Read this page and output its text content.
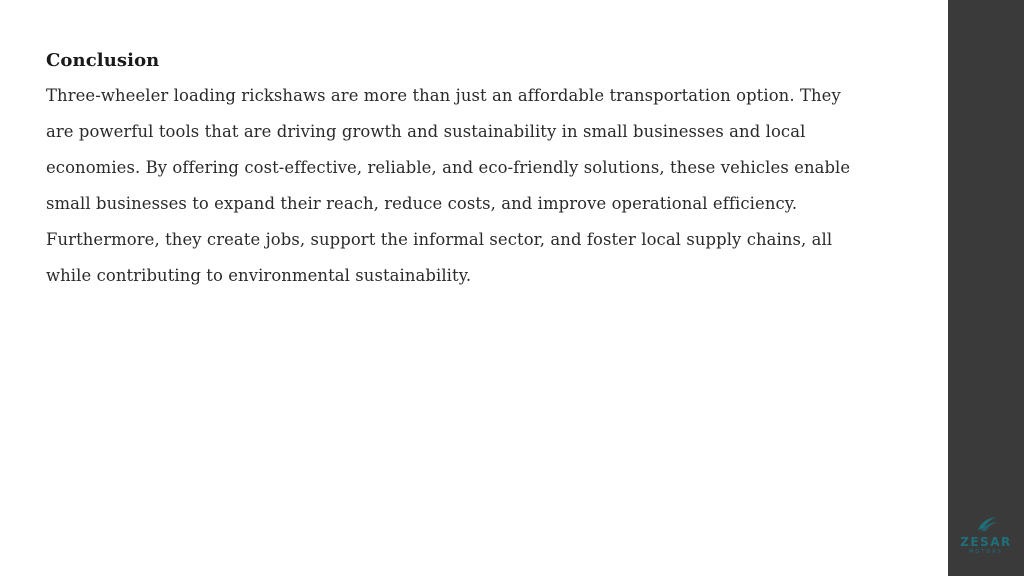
Conclusion

Three-wheeler loading rickshaws are more than just an affordable transportation option. They
are powerful tools that are driving growth and sustainability in small businesses and local
economies. By offering cost-effective, reliable, and eco-friendly solutions, these vehicles enable
small businesses to expand their reach, reduce costs, and improve operational efficiency.
Furthermore, they create jobs, support the informal sector, and foster local supply chains, all
while contributing to environmental sustainability.

ZESAR
MOTORS
